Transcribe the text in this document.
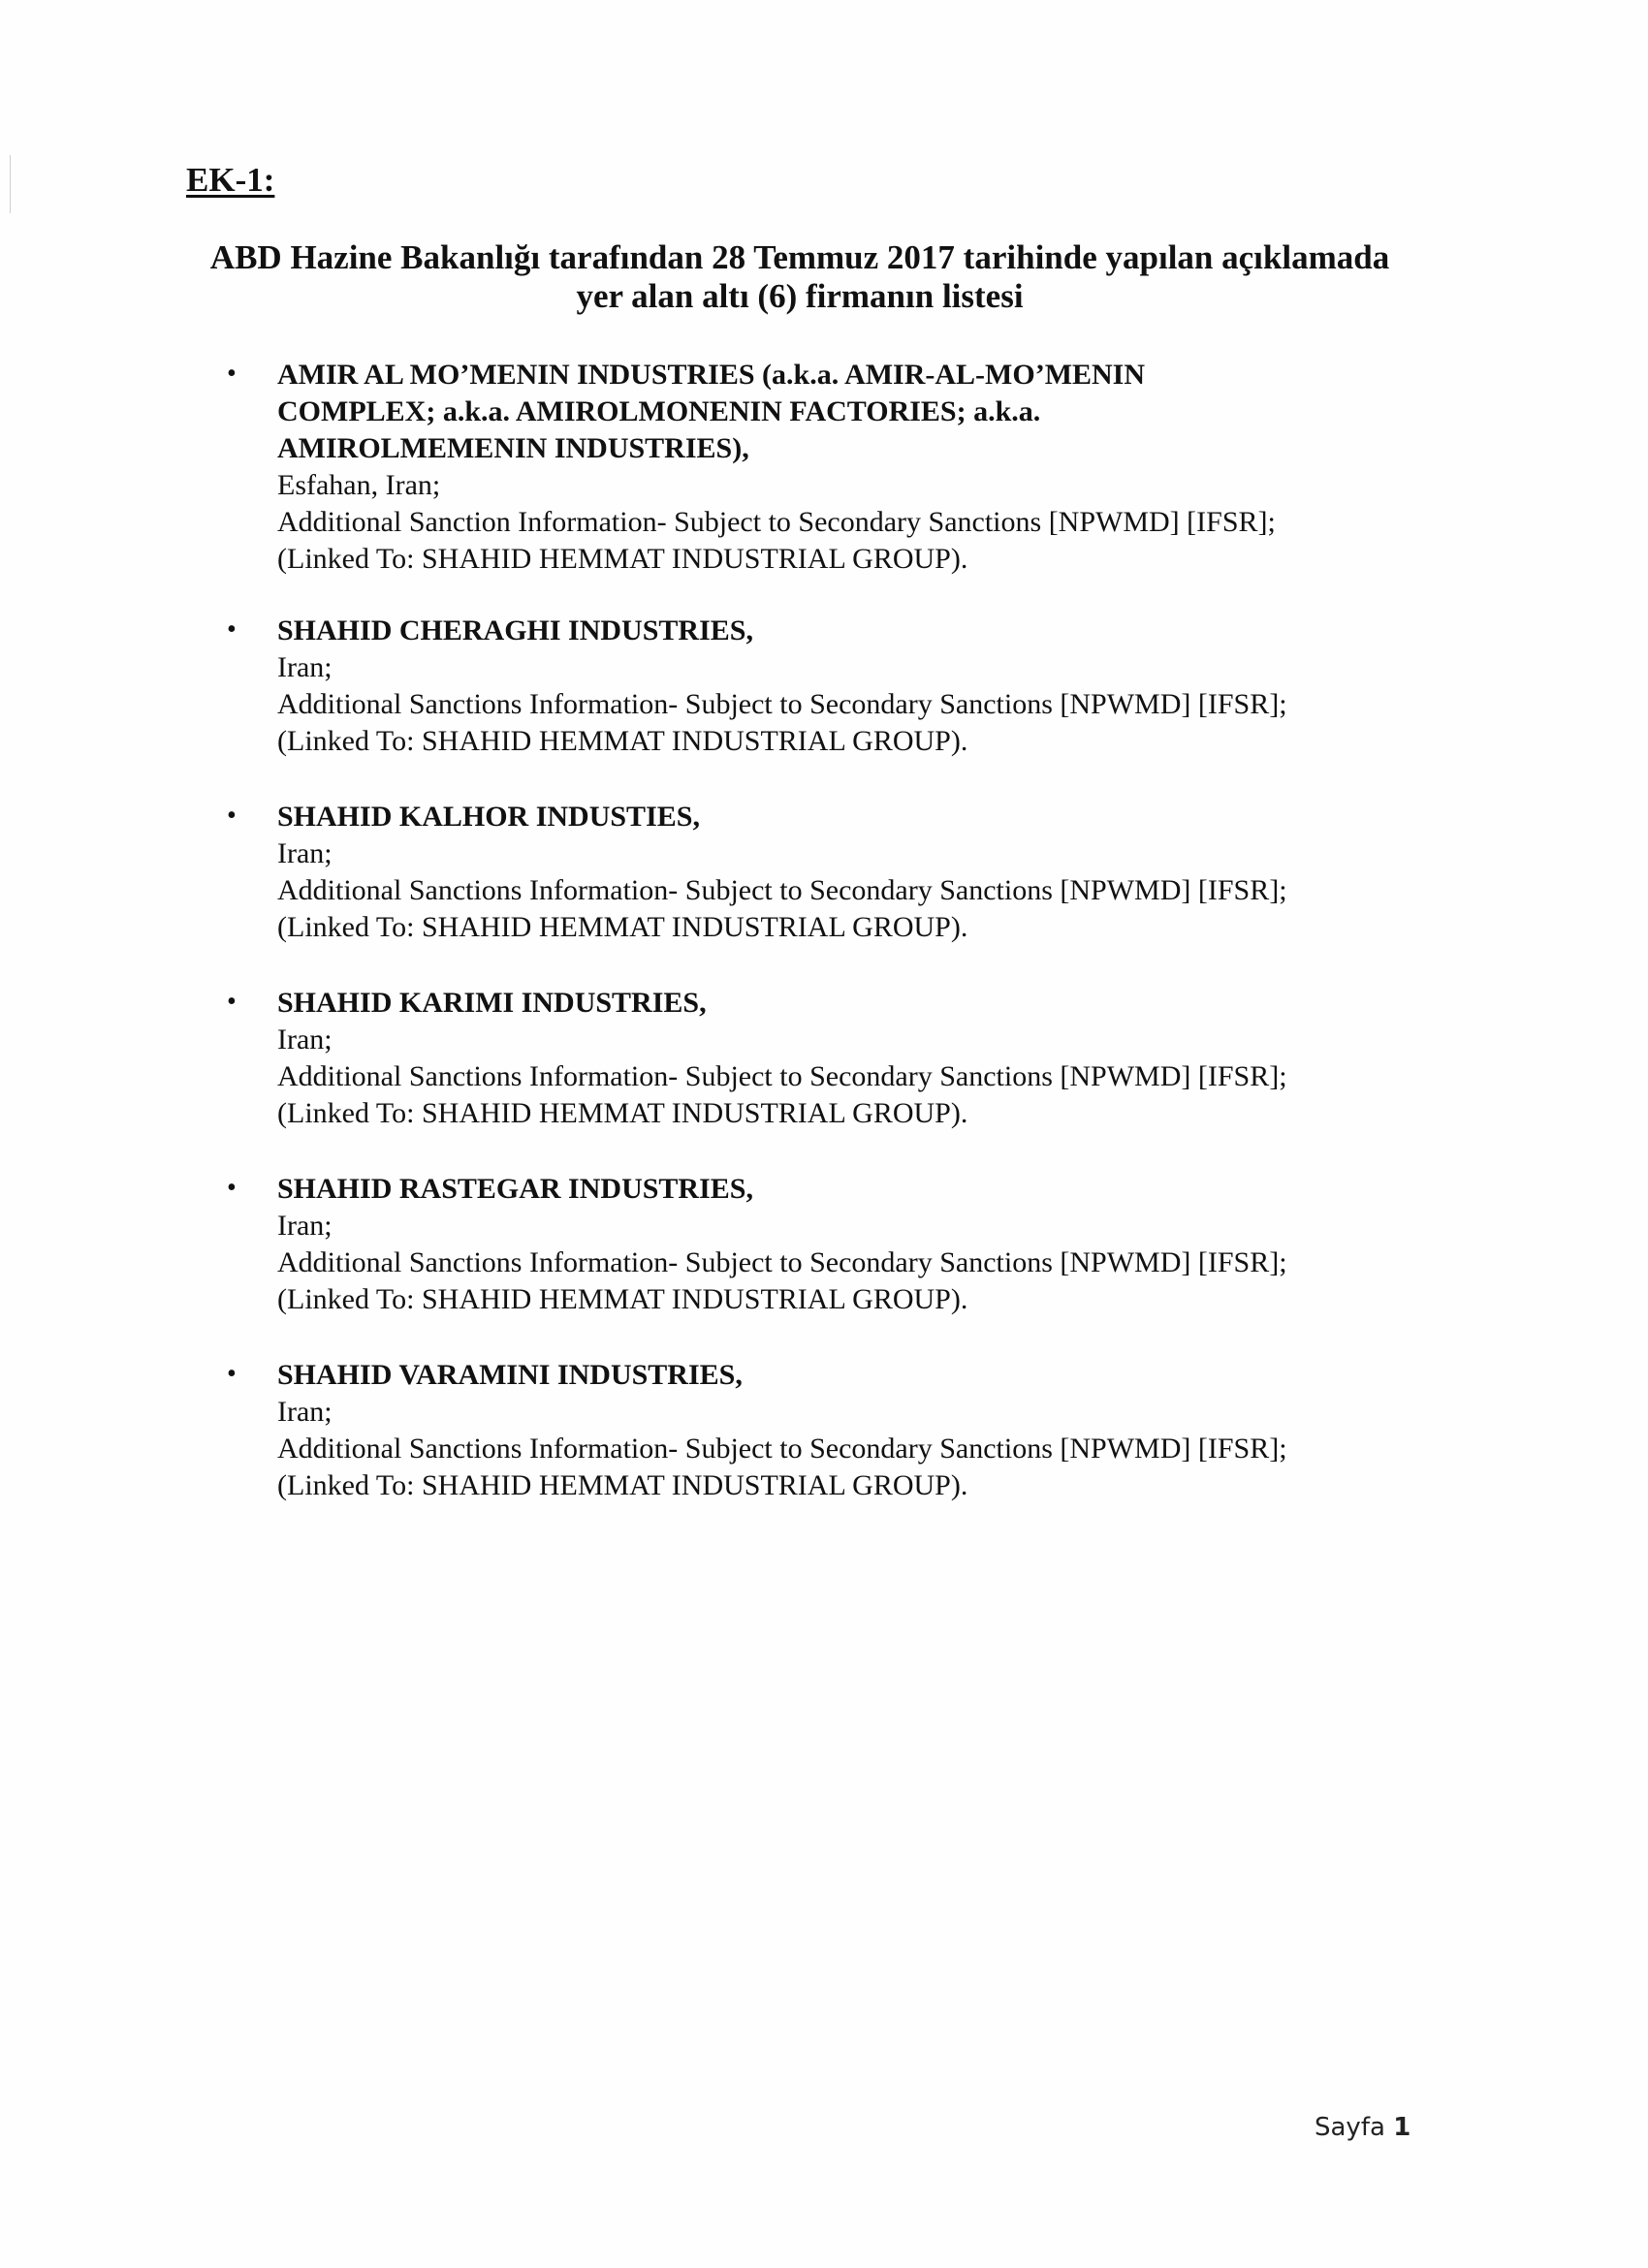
EK-1:
ABD Hazine Bakanlığı tarafından 28 Temmuz 2017 tarihinde yapılan açıklamada
yer alan altı (6) firmanın listesi
• AMIR AL MO’MENIN INDUSTRIES (a.k.a. AMIR-AL-MO’MENIN
COMPLEX; a.k.a. AMIROLMONENIN FACTORIES; a.k.a.
AMIROLMEMENIN INDUSTRIES),
Esfahan, Iran;
Additional Sanction Information- Subject to Secondary Sanctions [NPWMD] [IFSR];
(Linked To: SHAHID HEMMAT INDUSTRIAL GROUP).
• SHAHID CHERAGHI INDUSTRIES,
Iran;
Additional Sanctions Information- Subject to Secondary Sanctions [NPWMD] [IFSR];
(Linked To: SHAHID HEMMAT INDUSTRIAL GROUP).
• SHAHID KALHOR INDUSTIES,
Iran;
Additional Sanctions Information- Subject to Secondary Sanctions [NPWMD] [IFSR];
(Linked To: SHAHID HEMMAT INDUSTRIAL GROUP).
• SHAHID KARIMI INDUSTRIES,
Iran;
Additional Sanctions Information- Subject to Secondary Sanctions [NPWMD] [IFSR];
(Linked To: SHAHID HEMMAT INDUSTRIAL GROUP).
• SHAHID RASTEGAR INDUSTRIES,
Iran;
Additional Sanctions Information- Subject to Secondary Sanctions [NPWMD] [IFSR];
(Linked To: SHAHID HEMMAT INDUSTRIAL GROUP).
• SHAHID VARAMINI INDUSTRIES,
Iran;
Additional Sanctions Information- Subject to Secondary Sanctions [NPWMD] [IFSR];
(Linked To: SHAHID HEMMAT INDUSTRIAL GROUP).
Sayfa 1
